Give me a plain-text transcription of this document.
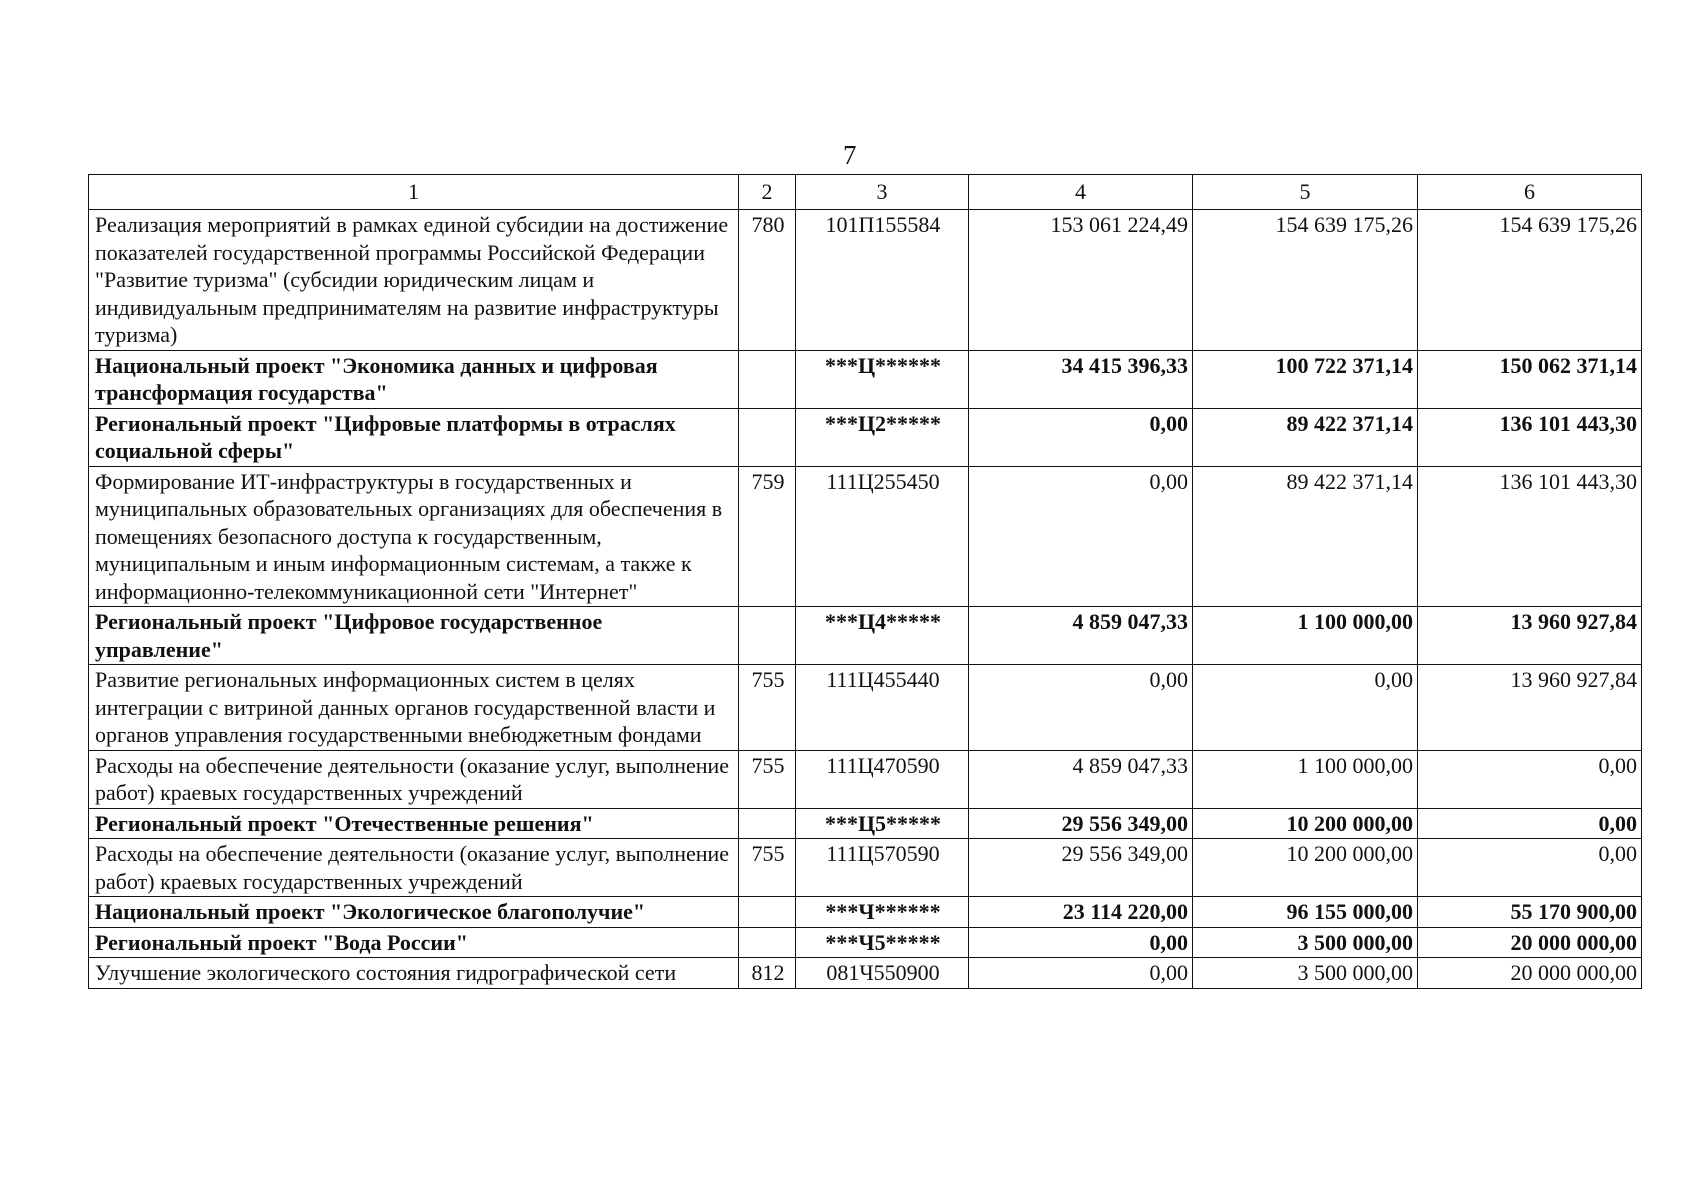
7
1	2	3	4	5	6
Реализация мероприятий в рамках единой субсидии на достижение показателей государственной программы Российской Федерации "Развитие туризма" (субсидии юридическим лицам и индивидуальным предпринимателям на развитие инфраструктуры туризма)	780	101П155584	153 061 224,49	154 639 175,26	154 639 175,26
Национальный проект "Экономика данных и цифровая трансформация государства"		***Ц******	34 415 396,33	100 722 371,14	150 062 371,14
Региональный проект "Цифровые платформы в отраслях социальной сферы"		***Ц2*****	0,00	89 422 371,14	136 101 443,30
Формирование ИТ-инфраструктуры в государственных и муниципальных образовательных организациях для обеспечения в помещениях безопасного доступа к государственным, муниципальным и иным информационным системам, а также к информационно-телекоммуникационной сети "Интернет"	759	111Ц255450	0,00	89 422 371,14	136 101 443,30
Региональный проект "Цифровое государственное управление"		***Ц4*****	4 859 047,33	1 100 000,00	13 960 927,84
Развитие региональных информационных систем в целях интеграции с витриной данных органов государственной власти и органов управления государственными внебюджетным фондами	755	111Ц455440	0,00	0,00	13 960 927,84
Расходы на обеспечение деятельности (оказание услуг, выполнение работ) краевых государственных учреждений	755	111Ц470590	4 859 047,33	1 100 000,00	0,00
Региональный проект "Отечественные решения"		***Ц5*****	29 556 349,00	10 200 000,00	0,00
Расходы на обеспечение деятельности (оказание услуг, выполнение работ) краевых государственных учреждений	755	111Ц570590	29 556 349,00	10 200 000,00	0,00
Национальный проект "Экологическое благополучие"		***Ч******	23 114 220,00	96 155 000,00	55 170 900,00
Региональный проект "Вода России"		***Ч5*****	0,00	3 500 000,00	20 000 000,00
Улучшение экологического состояния гидрографической сети	812	081Ч550900	0,00	3 500 000,00	20 000 000,00
